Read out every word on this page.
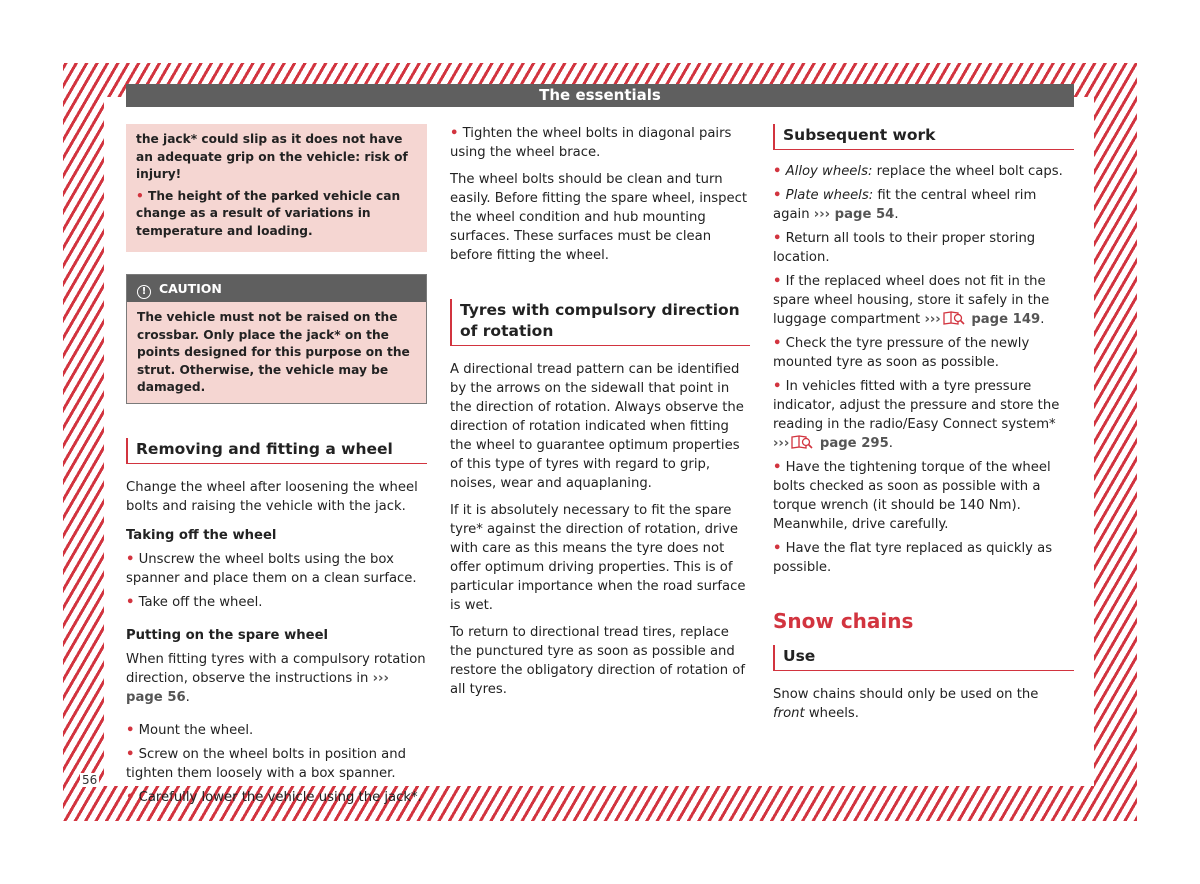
The essentials
56
the jack* could slip as it does not have an adequate grip on the vehicle: risk of injury!
• The height of the parked vehicle can change as a result of variations in temperature and loading.
! CAUTION
The vehicle must not be raised on the crossbar. Only place the jack* on the points designed for this purpose on the strut. Otherwise, the vehicle may be damaged.
Removing and fitting a wheel

Change the wheel after loosening the wheel bolts and raising the vehicle with the jack.

Taking off the wheel
• Unscrew the wheel bolts using the box spanner and place them on a clean surface.
• Take off the wheel.
Putting on the spare wheel

When fitting tyres with a compulsory rotation direction, observe the instructions in ››› page 56.

• Mount the wheel.
• Screw on the wheel bolts in position and tighten them loosely with a box spanner.
• Carefully lower the vehicle using the jack*.
• Tighten the wheel bolts in diagonal pairs using the wheel brace.

The wheel bolts should be clean and turn easily. Before fitting the spare wheel, inspect the wheel condition and hub mounting surfaces. These surfaces must be clean before fitting the wheel.

Tyres with compulsory direction of rotation

A directional tread pattern can be identified by the arrows on the sidewall that point in the direction of rotation. Always observe the direction of rotation indicated when fitting the wheel to guarantee optimum properties of this type of tyres with regard to grip, noises, wear and aquaplaning.

If it is absolutely necessary to fit the spare tyre* against the direction of rotation, drive with care as this means the tyre does not offer optimum driving properties. This is of particular importance when the road surface is wet.

To return to directional tread tires, replace the punctured tyre as soon as possible and restore the obligatory direction of rotation of all tyres.

Subsequent work
• Alloy wheels: replace the wheel bolt caps.
• Plate wheels: fit the central wheel rim again ››› page 54.
• Return all tools to their proper storing location.
• If the replaced wheel does not fit in the spare wheel housing, store it safely in the luggage compartment ››› page 149.
• Check the tyre pressure of the newly mounted tyre as soon as possible.
• In vehicles fitted with a tyre pressure indicator, adjust the pressure and store the reading in the radio/Easy Connect system* ››› page 295.
• Have the tightening torque of the wheel bolts checked as soon as possible with a torque wrench (it should be 140 Nm). Meanwhile, drive carefully.
• Have the flat tyre replaced as quickly as possible.
Snow chains
Use

Snow chains should only be used on the front wheels.
